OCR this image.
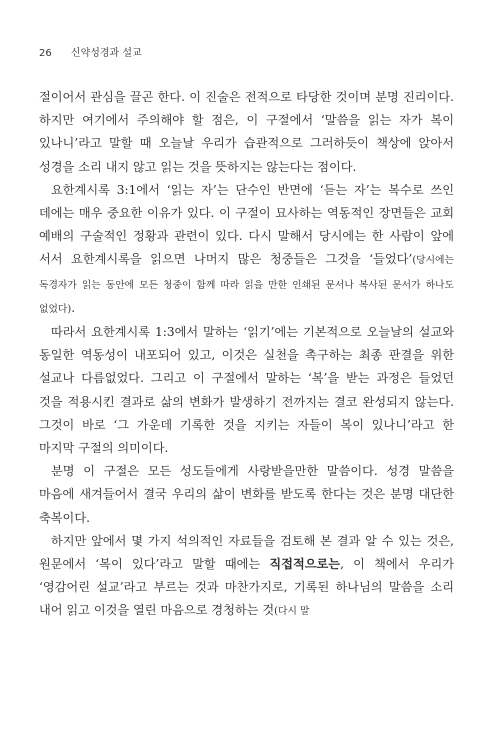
26 신약성경과 설교

절이어서 관심을 끌곤 한다. 이 진술은 전적으로 타당한 것이며 분명 진리이다. 하지만 여기에서 주의해야 할 점은, 이 구절에서 ‘말씀을 읽는 자가 복이 있나니’라고 말할 때 오늘날 우리가 습관적으로 그러하듯이 책상에 앉아서 성경을 소리 내지 않고 읽는 것을 뜻하지는 않는다는 점이다.

요한계시록 3:1에서 ‘읽는 자’는 단수인 반면에 ‘듣는 자’는 복수로 쓰인 데에는 매우 중요한 이유가 있다. 이 구절이 묘사하는 역동적인 장면들은 교회 예배의 구술적인 정황과 관련이 있다. 다시 말해서 당시에는 한 사람이 앞에 서서 요한계시록을 읽으면 나머지 많은 청중들은 그것을 ‘들었다’(당시에는 독경자가 읽는 동안에 모든 청중이 함께 따라 읽을 만한 인쇄된 문서나 복사된 문서가 하나도 없었다).

따라서 요한계시록 1:3에서 말하는 ‘읽기’에는 기본적으로 오늘날의 설교와 동일한 역동성이 내포되어 있고, 이것은 실천을 촉구하는 최종 판결을 위한 설교나 다름없었다. 그리고 이 구절에서 말하는 ‘복’을 받는 과정은 들었던 것을 적용시킨 결과로 삶의 변화가 발생하기 전까지는 결코 완성되지 않는다. 그것이 바로 ‘그 가운데 기록한 것을 지키는 자들이 복이 있나니’라고 한 마지막 구절의 의미이다.

분명 이 구절은 모든 성도들에게 사랑받을만한 말씀이다. 성경 말씀을 마음에 새겨들어서 결국 우리의 삶이 변화를 받도록 한다는 것은 분명 대단한 축복이다.

하지만 앞에서 몇 가지 석의적인 자료들을 검토해 본 결과 알 수 있는 것은, 원문에서 ‘복이 있다’라고 말할 때에는 직접적으로는, 이 책에서 우리가 ‘영감어린 설교’라고 부르는 것과 마찬가지로, 기록된 하나님의 말씀을 소리 내어 읽고 이것을 열린 마음으로 경청하는 것(다시 말
